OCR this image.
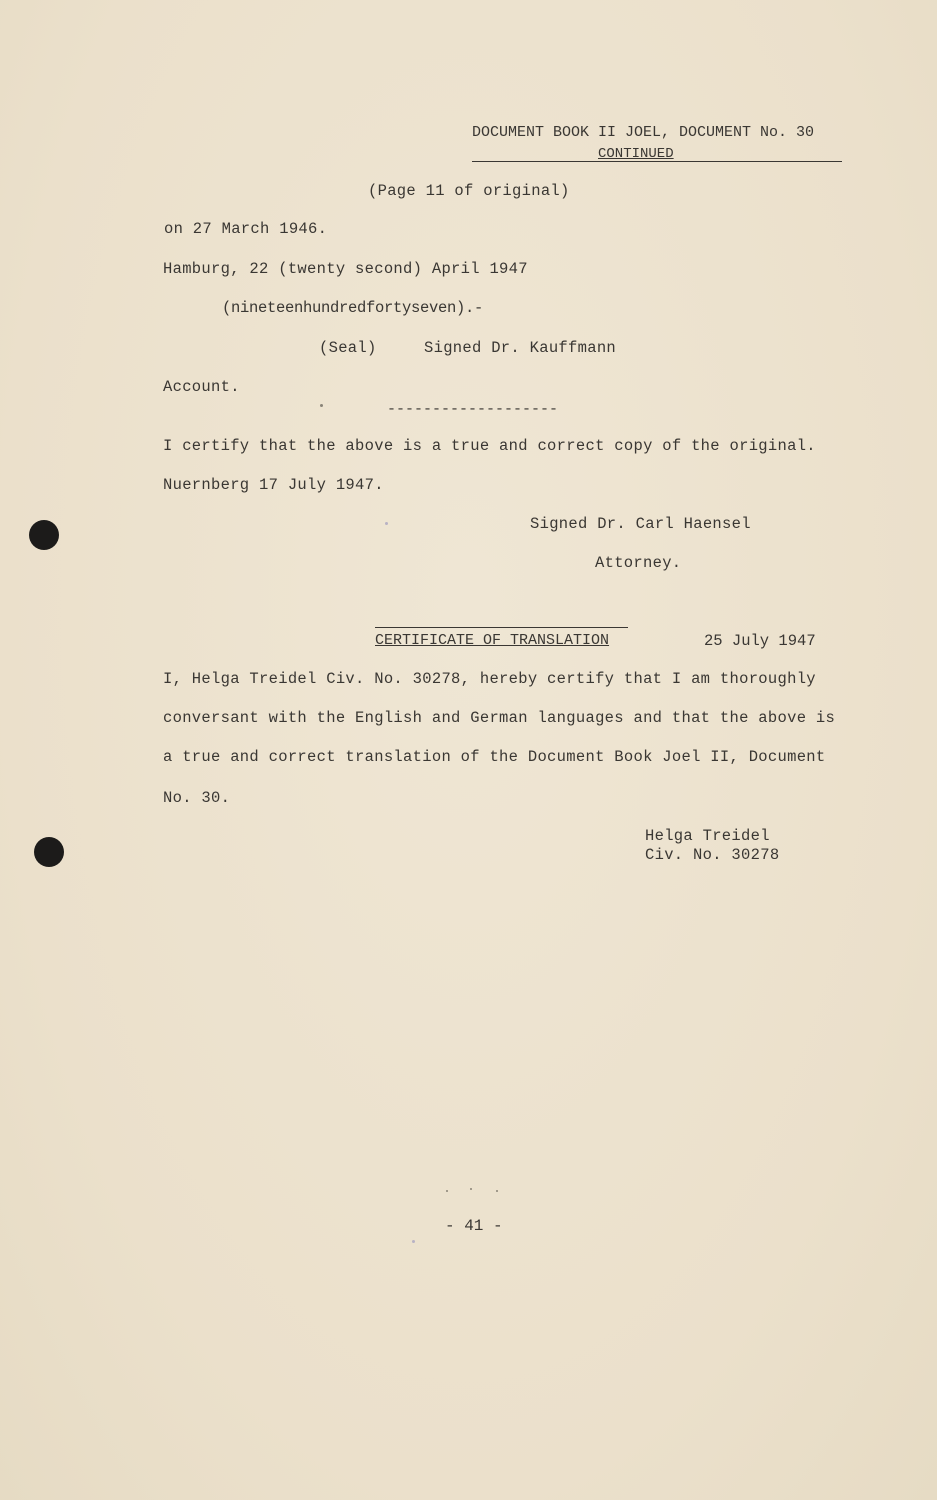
DOCUMENT BOOK II JOEL, DOCUMENT No. 30
CONTINUED
(Page 11 of original)
on 27 March 1946.
Hamburg, 22 (twenty second) April 1947
(nineteenhundredfortyseven).-
(Seal)	Signed Dr. Kauffmann
Account.
-------------------
I certify that the above is a true and correct copy of the original.
Nuernberg 17 July 1947.
Signed Dr. Carl Haensel
Attorney.
CERTIFICATE OF TRANSLATION	25 July 1947
I, Helga Treidel Civ. No. 30278, hereby certify that I am thoroughly
conversant with the English and German languages and that the above is
a true and correct translation of the Document Book Joel II, Document
No. 30.
Helga Treidel
Civ. No. 30278
- 41 -
